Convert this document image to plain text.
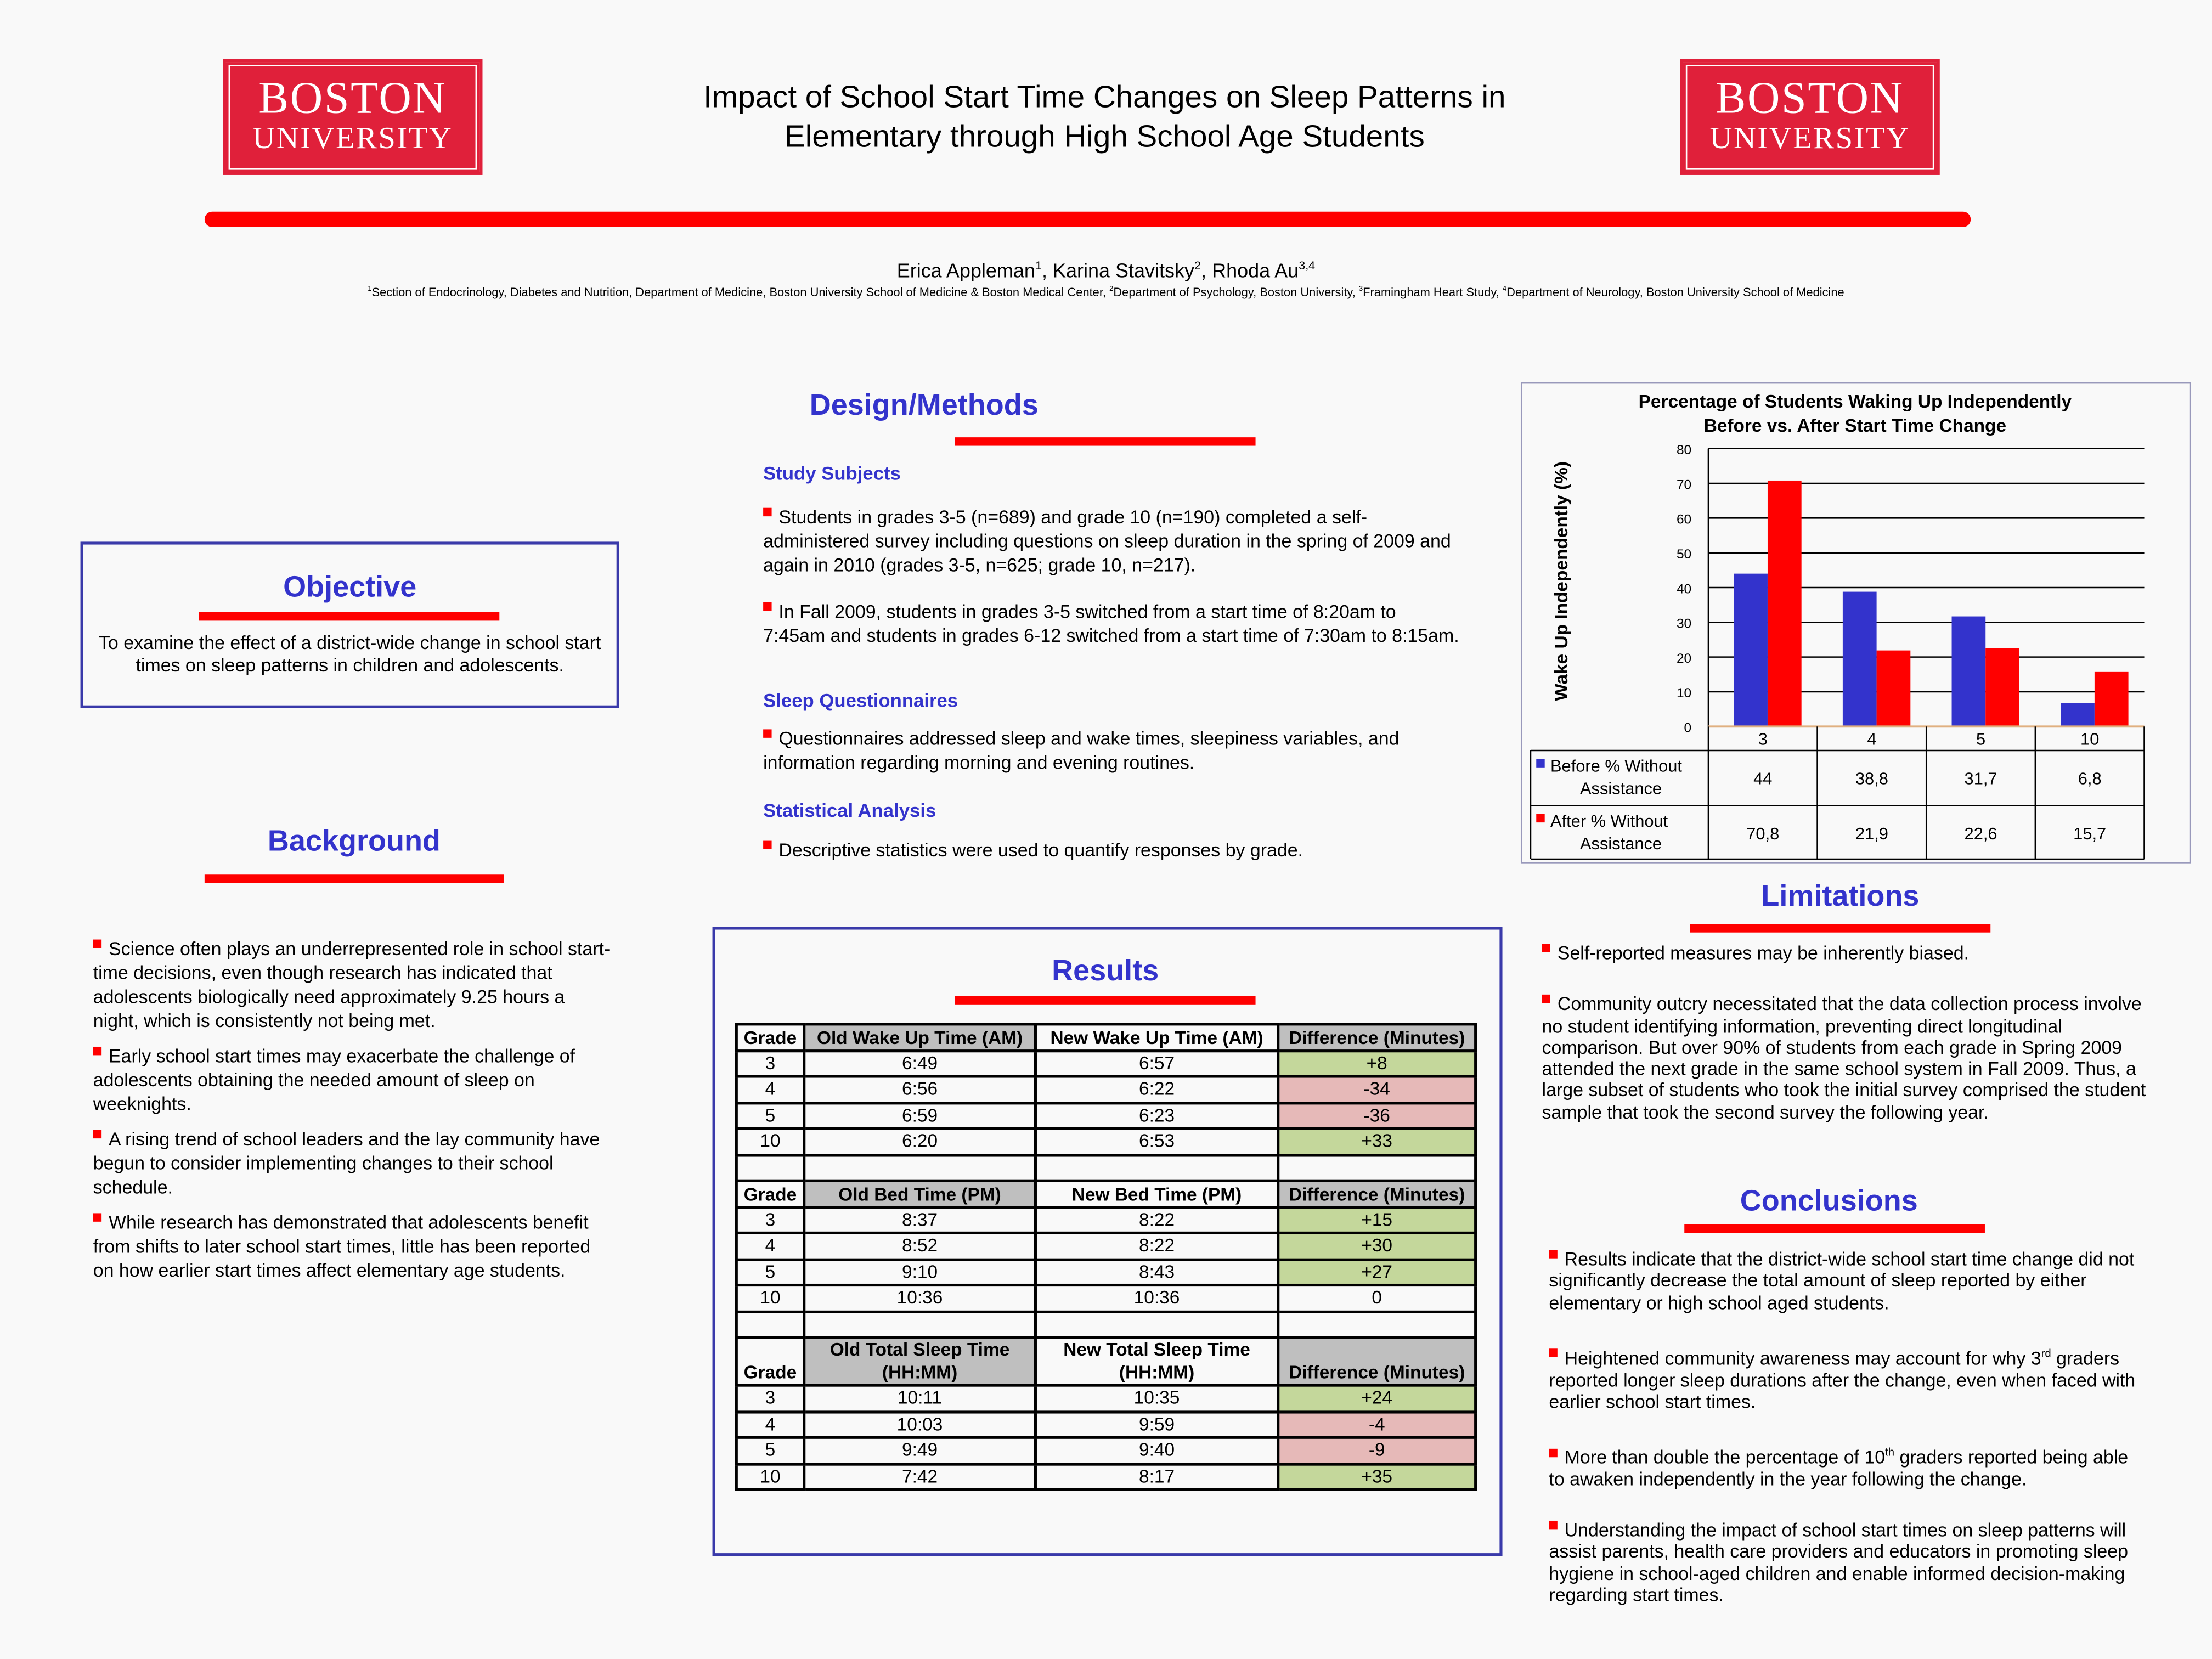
BOSTON
UNIVERSITY
BOSTON
UNIVERSITY
Impact of School Start Time Changes on Sleep Patterns in
Elementary through High School Age Students
Erica Appleman$^1$, Karina Stavitsky$^2$, Rhoda Au$^{3,4}$
$^1$Section of Endocrinology, Diabetes and Nutrition, Department of Medicine, Boston University School of Medicine & Boston Medical Center, $^2$Department of Psychology, Boston University, $^3$Framingham Heart Study, $^4$Department of Neurology, Boston University School of Medicine
Objective
To examine the effect of a district-wide change in school start times on sleep patterns in children and adolescents.
Background

Science often plays an underrepresented role in school start-time decisions, even though research has indicated that adolescents biologically need approximately 9.25 hours a night, which is consistently not being met.

Early school start times may exacerbate the challenge of adolescents obtaining the needed amount of sleep on weeknights.

A rising trend of school leaders and the lay community have begun to consider implementing changes to their school schedule.

While research has demonstrated that adolescents benefit from shifts to later school start times, little has been reported on how earlier start times affect elementary age students.

Design/Methods
Study Subjects

Students in grades 3-5 (n=689) and grade 10 (n=190) completed a self-administered survey including questions on sleep duration in the spring of 2009 and again in 2010 (grades 3-5, n=625; grade 10, n=217).

In Fall 2009, students in grades 3-5 switched from a start time of 8:20am to 7:45am and students in grades 6-12 switched from a start time of 7:30am to 8:15am.

Sleep Questionnaires

Questionnaires addressed sleep and wake times, sleepiness variables, and information regarding morning and evening routines.

Statistical Analysis

Descriptive statistics were used to quantify responses by grade.

Results
Grade	Old Wake Up Time (AM)	New Wake Up Time (AM)	Difference (Minutes)
3	6:49	6:57	+8
4	6:56	6:22	-34
5	6:59	6:23	-36
10	6:20	6:53	+33

Grade	Old Bed Time (PM)	New Bed Time (PM)	Difference (Minutes)
3	8:37	8:22	+15
4	8:52	8:22	+30
5	9:10	8:43	+27
10	10:36	10:36	0

Grade	Old Total Sleep Time (HH:MM)	New Total Sleep Time (HH:MM)	Difference (Minutes)
3	10:11	10:35	+24
4	10:03	9:59	-4
5	9:49	9:40	-9
10	7:42	8:17	+35
Percentage of Students Waking Up Independently
Before vs. After Start Time Change
Wake Up Independently (%)
0
10
20
30
40
50
60
70
80
3	4	5	10
Before % Without
Assistance
44	38,8	31,7	6,8
After % Without
Assistance
70,8	21,9	22,6	15,7
Limitations

Self-reported measures may be inherently biased.

Community outcry necessitated that the data collection process involve no student identifying information, preventing direct longitudinal comparison. But over 90% of students from each grade in Spring 2009 attended the next grade in the same school system in Fall 2009. Thus, a large subset of students who took the initial survey comprised the student sample that took the second survey the following year.

Conclusions

Results indicate that the district-wide school start time change did not significantly decrease the total amount of sleep reported by either elementary or high school aged students.

Heightened community awareness may account for why 3rd graders reported longer sleep durations after the change, even when faced with earlier school start times.

More than double the percentage of 10th graders reported being able to awaken independently in the year following the change.

Understanding the impact of school start times on sleep patterns will assist parents, health care providers and educators in promoting sleep hygiene in school-aged children and enable informed decision-making regarding start times.
